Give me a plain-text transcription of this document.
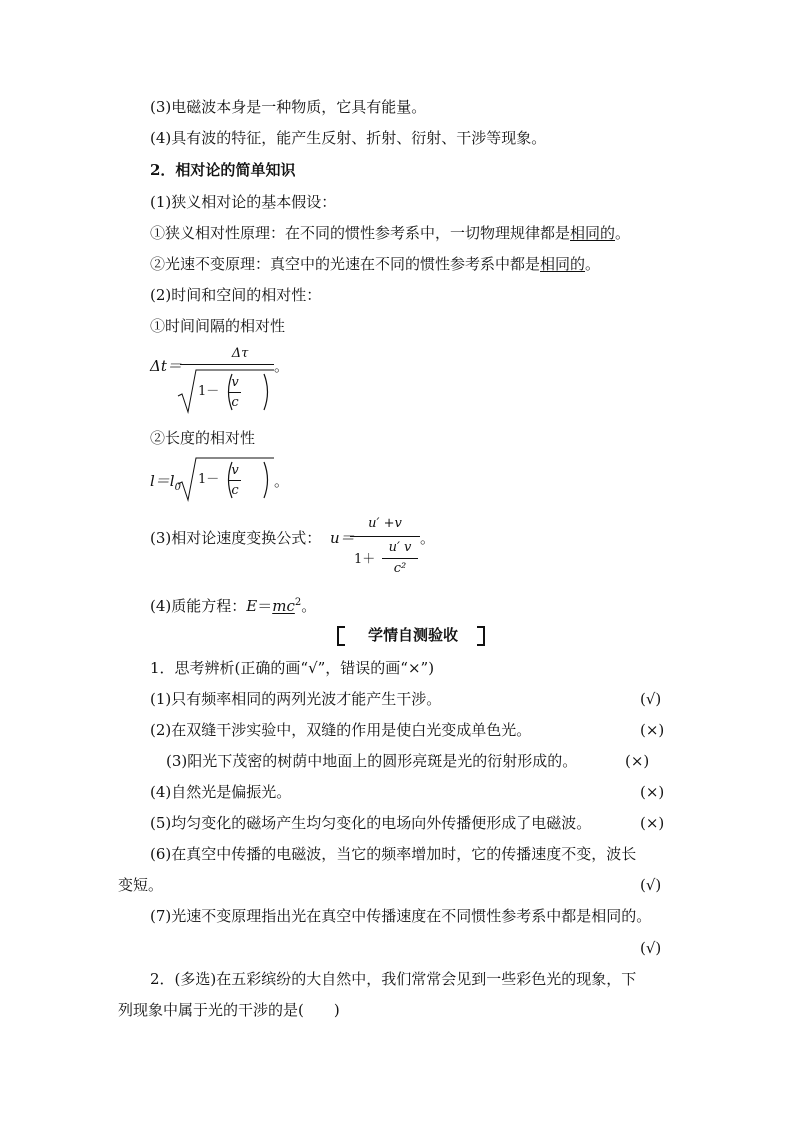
(3)电磁波本身是一种物质，它具有能量。
(4)具有波的特征，能产生反射、折射、衍射、干涉等现象。
2．相对论的简单知识
(1)狭义相对论的基本假设：
①狭义相对性原理：在不同的惯性参考系中，一切物理规律都是相同的。
②光速不变原理：真空中的光速在不同的惯性参考系中都是相同的。
(2)时间和空间的相对性：
①时间间隔的相对性
Δt＝
Δτ
1－
v
c
。
②长度的相对性
$l=l_0$
1－
v
c
。
(3)相对论速度变换公式： u＝
u′ +v
1＋
u′ v
c²
。
(4)质能方程：$E=mc^2$。
学情自测验收
1．思考辨析(正确的画“√”，错误的画“×”)
(1)只有频率相同的两列光波才能产生干涉。	(√)
(2)在双缝干涉实验中，双缝的作用是使白光变成单色光。	(×)
(3)阳光下茂密的树荫中地面上的圆形亮斑是光的衍射形成的。	(×)
(4)自然光是偏振光。	(×)
(5)均匀变化的磁场产生均匀变化的电场向外传播便形成了电磁波。	(×)
(6)在真空中传播的电磁波，当它的频率增加时，它的传播速度不变，波长
变短。	(√)
(7)光速不变原理指出光在真空中传播速度在不同惯性参考系中都是相同的。
(√)
2．(多选)在五彩缤纷的大自然中，我们常常会见到一些彩色光的现象，下
列现象中属于光的干涉的是(　　)
